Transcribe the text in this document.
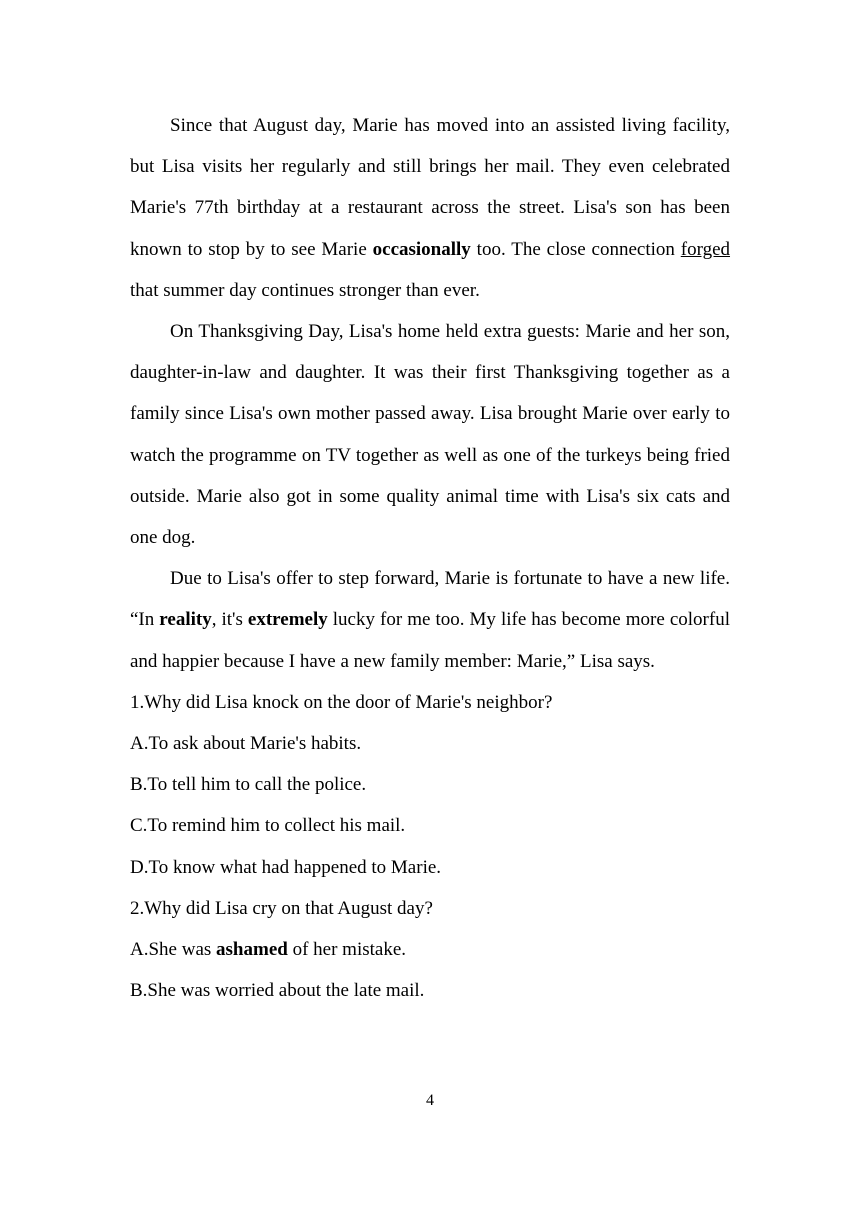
Since that August day, Marie has moved into an assisted living facility, but Lisa visits her regularly and still brings her mail. They even celebrated Marie's 77th birthday at a restaurant across the street. Lisa's son has been known to stop by to see Marie occasionally too. The close connection forged that summer day continues stronger than ever.

On Thanksgiving Day, Lisa's home held extra guests: Marie and her son, daughter-in-law and daughter. It was their first Thanksgiving together as a family since Lisa's own mother passed away. Lisa brought Marie over early to watch the programme on TV together as well as one of the turkeys being fried outside. Marie also got in some quality animal time with Lisa's six cats and one dog.

Due to Lisa's offer to step forward, Marie is fortunate to have a new life. “In reality, it's extremely lucky for me too. My life has become more colorful and happier because I have a new family member: Marie,” Lisa says.

1.Why did Lisa knock on the door of Marie's neighbor?

A.To ask about Marie's habits.

B.To tell him to call the police.

C.To remind him to collect his mail.

D.To know what had happened to Marie.

2.Why did Lisa cry on that August day?

A.She was ashamed of her mistake.

B.She was worried about the late mail.

4
